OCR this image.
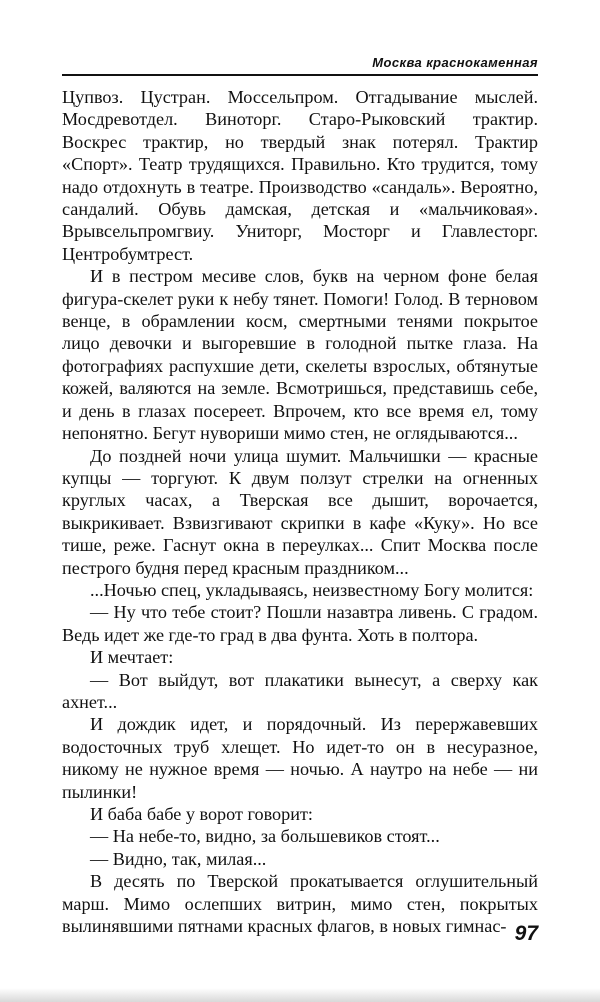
Москва краснокаменная

Цупвоз. Цустран. Моссельпром. Отгадывание мыслей. Мосдревотдел. Виноторг. Старо-Рыковский трактир. Воскрес трактир, но твердый знак потерял. Трактир «Спорт». Театр трудящихся. Правильно. Кто трудится, тому надо отдохнуть в театре. Производство «сандаль». Вероятно, сандалий. Обувь дамская, детская и «мальчиковая». Врывсельпромгвиу. Униторг, Мосторг и Главлесторг. Центробумтрест.

И в пестром месиве слов, букв на черном фоне белая фигура-скелет руки к небу тянет. Помоги! Голод. В терновом венце, в обрамлении косм, смертными тенями покрытое лицо девочки и выгоревшие в голодной пытке глаза. На фотографиях распухшие дети, скелеты взрослых, обтянутые кожей, валяются на земле. Всмотришься, представишь себе, и день в глазах посереет. Впрочем, кто все время ел, тому непонятно. Бегут нувориши мимо стен, не оглядываются...

До поздней ночи улица шумит. Мальчишки — красные купцы — торгуют. К двум ползут стрелки на огненных круглых часах, а Тверская все дышит, ворочается, выкрикивает. Взвизгивают скрипки в кафе «Куку». Но все тише, реже. Гаснут окна в переулках... Спит Москва после пестрого будня перед красным праздником...

...Ночью спец, укладываясь, неизвестному Богу молится:

— Ну что тебе стоит? Пошли назавтра ливень. С градом. Ведь идет же где-то град в два фунта. Хоть в полтора.

И мечтает:

— Вот выйдут, вот плакатики вынесут, а сверху как ахнет...

И дождик идет, и порядочный. Из перержавевших водосточных труб хлещет. Но идет-то он в несуразное, никому не нужное время — ночью. А наутро на небе — ни пылинки!

И баба бабе у ворот говорит:

— На небе-то, видно, за большевиков стоят...

— Видно, так, милая...

В десять по Тверской прокатывается оглушительный марш. Мимо ослепших витрин, мимо стен, покрытых вылинявшими пятнами красных флагов, в новых гимнас- 97
